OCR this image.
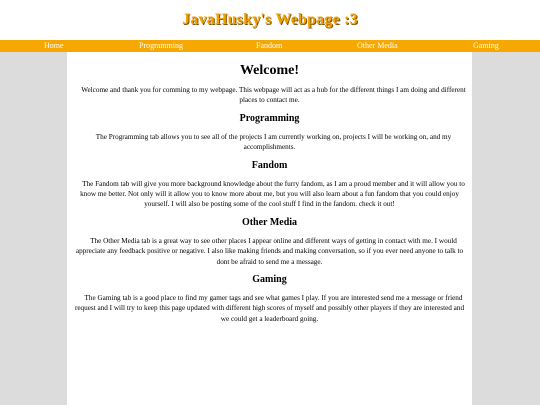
JavaHusky's Webpage :3
Home	Programming	Fandom	Other Media	Gaming
Welcome!

Welcome and thank you for comming to my webpage. This webpage will act as a hub for the different things I am doing and different places to contact me.

Programming

The Programming tab allows you to see all of the projects I am currently working on, projects I will be working on, and my accomplishments.

Fandom

The Fandom tab will give you more background knowledge about the furry fandom, as I am a proud member and it will allow you to know me better. Not only will it allow you to know more about me, but you will also learn about a fun fandom that you could enjoy yourself. I will also be posting some of the cool stuff I find in the fandom. check it out!

Other Media

The Other Media tab is a great way to see other places I appear online and different ways of getting in contact with me. I would appreciate any feedback positive or negative. I also like making friends and making conversation, so if you ever need anyone to talk to dont be afraid to send me a message.

Gaming

The Gaming tab is a good place to find my gamer tags and see what games I play. If you are interested send me a message or friend request and I will try to keep this page updated with different high scores of myself and possibly other players if they are interested and we could get a leaderboard going.
